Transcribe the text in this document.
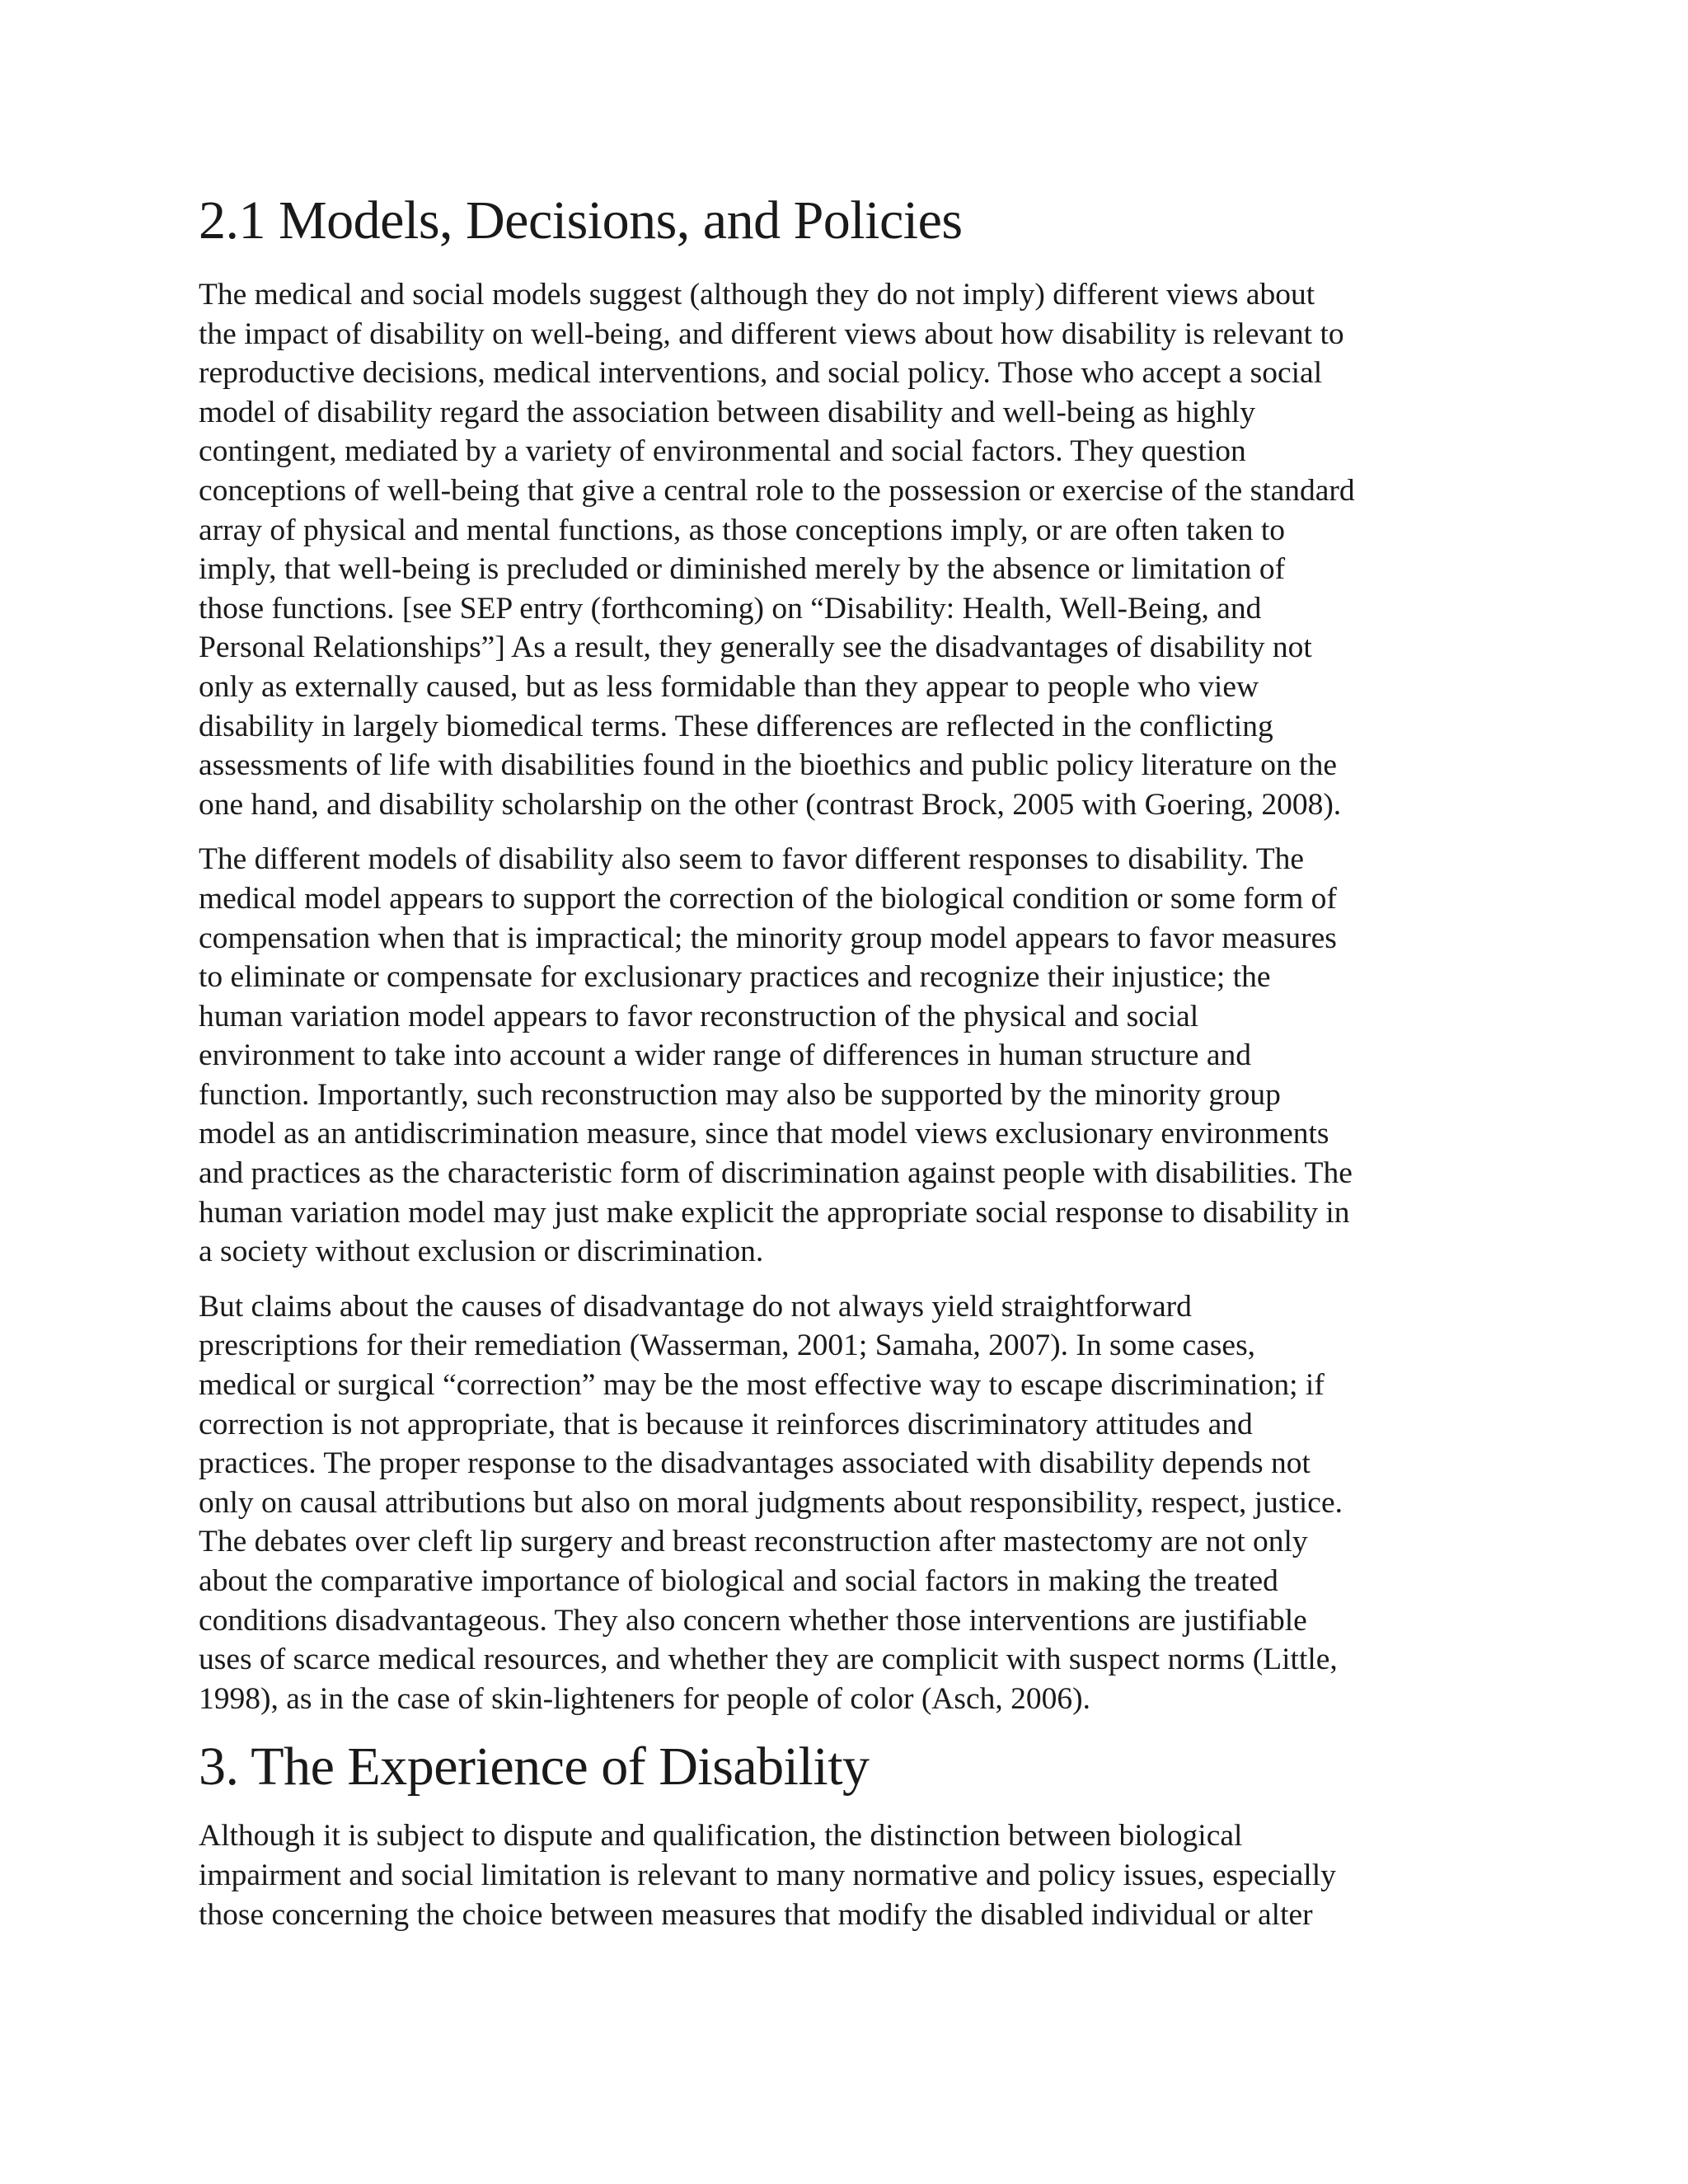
2.1 Models, Decisions, and Policies

The medical and social models suggest (although they do not imply) different views about
the impact of disability on well-being, and different views about how disability is relevant to
reproductive decisions, medical interventions, and social policy. Those who accept a social
model of disability regard the association between disability and well-being as highly
contingent, mediated by a variety of environmental and social factors. They question
conceptions of well-being that give a central role to the possession or exercise of the standard
array of physical and mental functions, as those conceptions imply, or are often taken to
imply, that well-being is precluded or diminished merely by the absence or limitation of
those functions. [see SEP entry (forthcoming) on “Disability: Health, Well-Being, and
Personal Relationships”] As a result, they generally see the disadvantages of disability not
only as externally caused, but as less formidable than they appear to people who view
disability in largely biomedical terms. These differences are reflected in the conflicting
assessments of life with disabilities found in the bioethics and public policy literature on the
one hand, and disability scholarship on the other (contrast Brock, 2005 with Goering, 2008).

The different models of disability also seem to favor different responses to disability. The
medical model appears to support the correction of the biological condition or some form of
compensation when that is impractical; the minority group model appears to favor measures
to eliminate or compensate for exclusionary practices and recognize their injustice; the
human variation model appears to favor reconstruction of the physical and social
environment to take into account a wider range of differences in human structure and
function. Importantly, such reconstruction may also be supported by the minority group
model as an antidiscrimination measure, since that model views exclusionary environments
and practices as the characteristic form of discrimination against people with disabilities. The
human variation model may just make explicit the appropriate social response to disability in
a society without exclusion or discrimination.

But claims about the causes of disadvantage do not always yield straightforward
prescriptions for their remediation (Wasserman, 2001; Samaha, 2007). In some cases,
medical or surgical “correction” may be the most effective way to escape discrimination; if
correction is not appropriate, that is because it reinforces discriminatory attitudes and
practices. The proper response to the disadvantages associated with disability depends not
only on causal attributions but also on moral judgments about responsibility, respect, justice.
The debates over cleft lip surgery and breast reconstruction after mastectomy are not only
about the comparative importance of biological and social factors in making the treated
conditions disadvantageous. They also concern whether those interventions are justifiable
uses of scarce medical resources, and whether they are complicit with suspect norms (Little,
1998), as in the case of skin-lighteners for people of color (Asch, 2006).

3. The Experience of Disability

Although it is subject to dispute and qualification, the distinction between biological
impairment and social limitation is relevant to many normative and policy issues, especially
those concerning the choice between measures that modify the disabled individual or alter
